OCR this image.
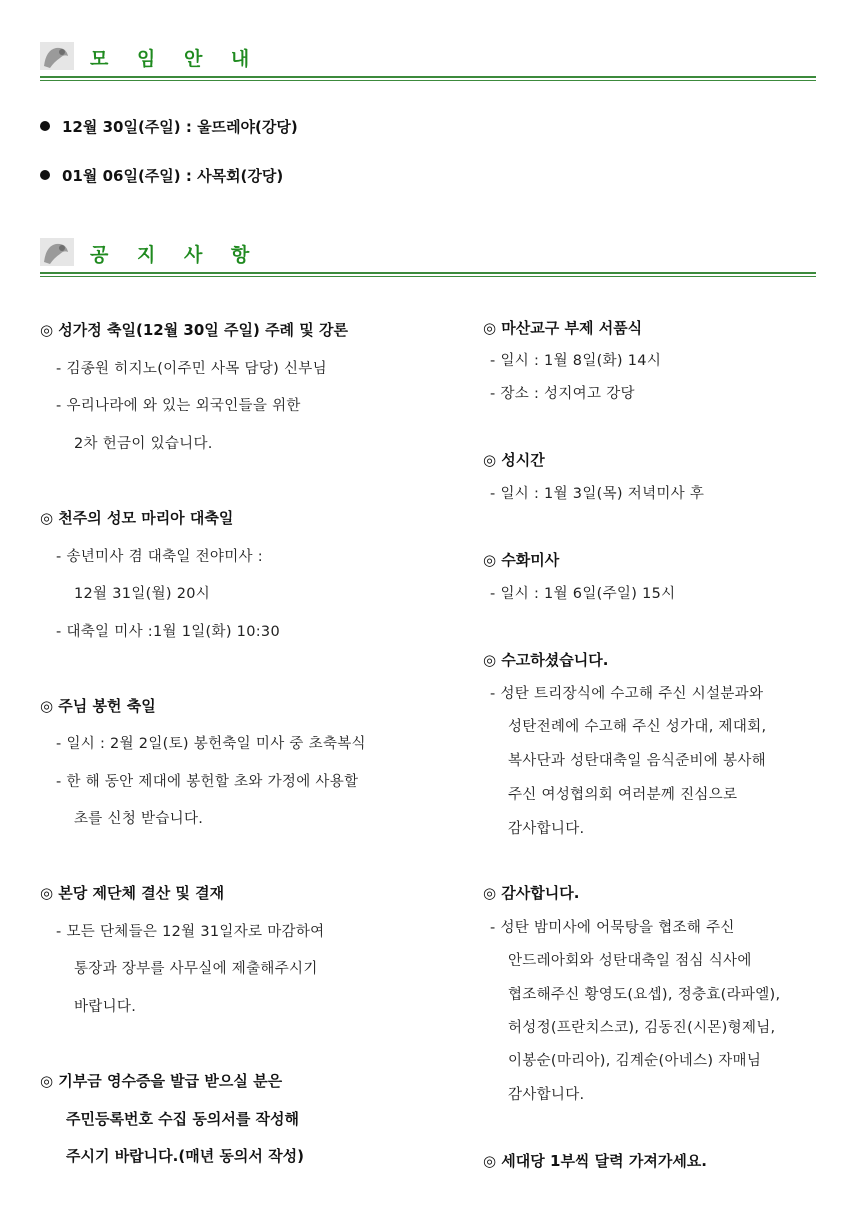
모 임 안 내
12월 30일(주일) : 울뜨레야(강당)
01월 06일(주일) : 사목회(강당)
공 지 사 항
◎ 성가정 축일(12월 30일 주일) 주례 및 강론
- 김종원 히지노(이주민 사목 담당) 신부님
- 우리나라에 와 있는 외국인들을 위한
2차 헌금이 있습니다.
◎ 천주의 성모 마리아 대축일
- 송년미사 겸 대축일 전야미사 :
12월 31일(월) 20시
- 대축일 미사 :1월 1일(화) 10:30
◎ 주님 봉헌 축일
- 일시 : 2월 2일(토) 봉헌축일 미사 중 초축복식
- 한 해 동안 제대에 봉헌할 초와 가정에 사용할
초를 신청 받습니다.
◎ 본당 제단체 결산 및 결재
- 모든 단체들은 12월 31일자로 마감하여
통장과 장부를 사무실에 제출해주시기
바랍니다.
◎ 기부금 영수증을 발급 받으실 분은
주민등록번호 수집 동의서를 작성해
주시기 바랍니다.(매년 동의서 작성)
◎ 마산교구 부제 서품식
- 일시 : 1월 8일(화) 14시
- 장소 : 성지여고 강당
◎ 성시간
- 일시 : 1월 3일(목) 저녁미사 후
◎ 수화미사
- 일시 : 1월 6일(주일) 15시
◎ 수고하셨습니다.
- 성탄 트리장식에 수고해 주신 시설분과와
성탄전례에 수고해 주신 성가대, 제대회,
복사단과 성탄대축일 음식준비에 봉사해
주신 여성협의회 여러분께 진심으로
감사합니다.
◎ 감사합니다.
- 성탄 밤미사에 어묵탕을 협조해 주신
안드레아회와 성탄대축일 점심 식사에
협조해주신 황영도(요셉), 정충효(라파엘),
허성정(프란치스코), 김동진(시몬)형제님,
이봉순(마리아), 김계순(아네스) 자매님
감사합니다.
◎ 세대당 1부씩 달력 가져가세요.
